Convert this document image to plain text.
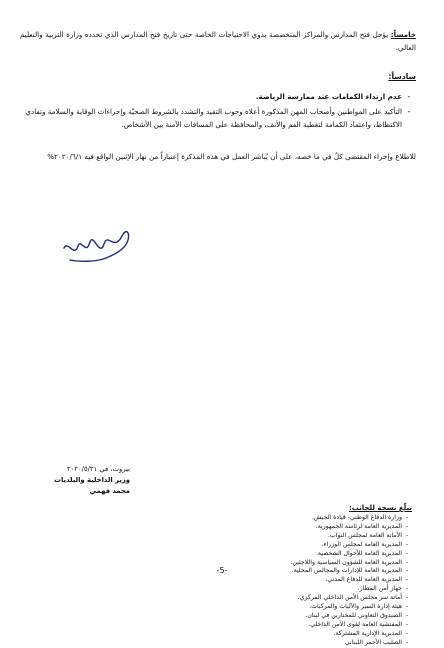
خامساً: يؤجل فتح المدارس والمراكز المتخصصة بذوي الاحتياجات الخاصة حتى تاريخ فتح المدارس الذي تحدده وزارة التربية والتعليم العالي.
سادساً:
-
عدم ارتداء الكمامات عند ممارسة الرياضة.
-
التأكيد على المواطنين وأصحاب المهن المذكورة أعلاه وجوب التقيد والتشدد بالشروط الصحيّة وإجراءات الوقاية والسلامة وتفادي الاكتظاظ، واعتماد الكمامة لتغطية الفم والأنف، والمحافظة على المسافات الآمنة بين الأشخاص.
للاطلاع وإجراء المقتضى كلٌ في ما خصه، على أن يُباشر العمل في هذه المذكرة إعتباراً من نهار الإثنين الواقع فيه ٢٠٢٠/٦/١%
بيروت، في ٢٠٢٠/٥/٣١
وزير الداخلية والبلديات
محمد فهمي
تبلّغ نسخة للجانب:
-
وزارة الدفاع الوطني- قيادة الجيش.
-
المديرية العامة لرئاسة الجمهورية.
-
الأمانة العامة لمجلس النواب.
-
المديرية العامة لمجلس الوزراء.
-
المديرية العامة للأحوال الشخصية.
-
المديرية العامة للشؤون السياسية واللاجئين.
-
المديرية العامة للإدارات والمجالس المحلية.
-
المديرية العامة للدفاع المدني.
-
جهاز أمن المطار.
-
أمانة سر مجلس الأمن الداخلي المركزي.
-
هيئة إدارة السير والآليات والمركبات.
-
الصندوق التعاوني للمختارين في لبنان.
-
المفتشية العامة لقوى الأمن الداخلي.
-
المديرية الإدارية المشتركة.
-
الصليب الأحمر اللبناني
-5-
